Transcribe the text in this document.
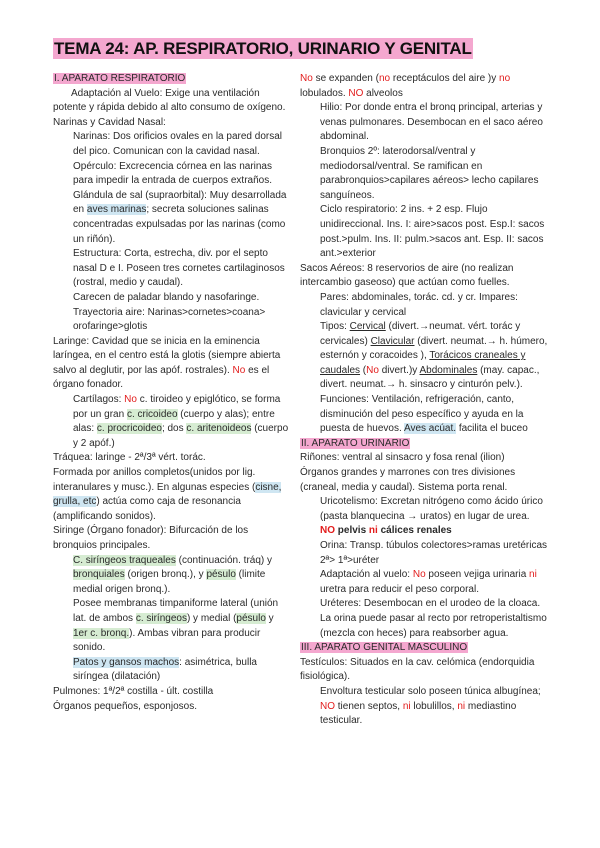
TEMA 24: AP. RESPIRATORIO, URINARIO Y GENITAL

I. APARATO RESPIRATORIO

Adaptación al Vuelo: Exige una ventilación potente y rápida debido al alto consumo de oxígeno.

Narinas y Cavidad Nasal:

Narinas: Dos orificios ovales en la pared dorsal del pico. Comunican con la cavidad nasal.

Opérculo: Excrecencia córnea en las narinas para impedir la entrada de cuerpos extraños.

Glándula de sal (supraorbital): Muy desarrollada en aves marinas; secreta soluciones salinas concentradas expulsadas por las narinas (como un riñón).

Estructura: Corta, estrecha, div. por el septo nasal D e I. Poseen tres cornetes cartilaginosos (rostral, medio y caudal).

Carecen de paladar blando y nasofaringe.

Trayectoria aire: Narinas>cornetes>coana> orofaringe>glotis

Laringe: Cavidad que se inicia en la eminencia laríngea, en el centro está la glotis (siempre abierta salvo al deglutir, por las apóf. rostrales). No es el órgano fonador.

Cartílagos: No c. tiroideo y epiglótico, se forma por un gran c. cricoideo (cuerpo y alas); entre alas: c. procricoideo; dos c. aritenoideos (cuerpo y 2 apóf.)

Tráquea: laringe - 2ª/3ª vért. torác.

Formada por anillos completos(unidos por lig. interanulares y musc.). En algunas especies (cisne, grulla, etc) actúa como caja de resonancia (amplificando sonidos).

Siringe (Órgano fonador): Bifurcación de los bronquios principales.

C. siríngeos traqueales (continuación. tráq) y bronquiales (origen bronq.), y pésulo (limite medial origen bronq.).

Posee membranas timpaniforme lateral (unión lat. de ambos c. siríngeos) y medial (pésulo y 1er c. bronq.). Ambas vibran para producir sonido.

Patos y gansos machos: asimétrica, bulla siríngea (dilatación)

Pulmones: 1ª/2ª costilla - últ. costilla

Órganos pequeños, esponjosos.

No se expanden (no receptáculos del aire )y no lobulados. NO alveolos

Hilio: Por donde entra el bronq principal, arterias y venas pulmonares. Desembocan en el saco aéreo abdominal.

Bronquios 2º: laterodorsal/ventral y mediodorsal/ventral. Se ramifican en parabronquios>capilares aéreos> lecho capilares sanguíneos.

Ciclo respiratorio: 2 ins. + 2 esp. Flujo unidireccional. Ins. I: aire>sacos post. Esp.I: sacos post.>pulm. Ins. II: pulm.>sacos ant. Esp. II: sacos ant.>exterior

Sacos Aéreos: 8 reservorios de aire (no realizan intercambio gaseoso) que actúan como fuelles.

Pares: abdominales, torác. cd. y cr. Impares: clavicular y cervical

Tipos: Cervical (divert.→neumat. vért. torác y cervicales) Clavicular (divert. neumat.→ h. húmero, esternón y coracoides ), Torácicos craneales y caudales (No divert.)y Abdominales (may. capac., divert. neumat.→ h. sinsacro y cinturón pelv.).

Funciones: Ventilación, refrigeración, canto, disminución del peso específico y ayuda en la puesta de huevos. Aves acúat. facilita el buceo

II. APARATO URINARIO

Riñones: ventral al sinsacro y fosa renal (ilion)

Órganos grandes y marrones con tres divisiones (craneal, media y caudal). Sistema porta renal.

Uricotelismo: Excretan nitrógeno como ácido úrico (pasta blanquecina → uratos) en lugar de urea.

NO pelvis ni cálices renales

Orina: Transp. túbulos colectores>ramas uretéricas 2ª> 1ª>uréter

Adaptación al vuelo: No poseen vejiga urinaria ni uretra para reducir el peso corporal.

Uréteres: Desembocan en el urodeo de la cloaca. La orina puede pasar al recto por retroperistaltismo (mezcla con heces) para reabsorber agua.

III. APARATO GENITAL MASCULINO

Testículos: Situados en la cav. celómica (endorquidia fisiológica).

Envoltura testicular solo poseen túnica albugínea; NO tienen septos, ni lobulillos, ni mediastino testicular.
